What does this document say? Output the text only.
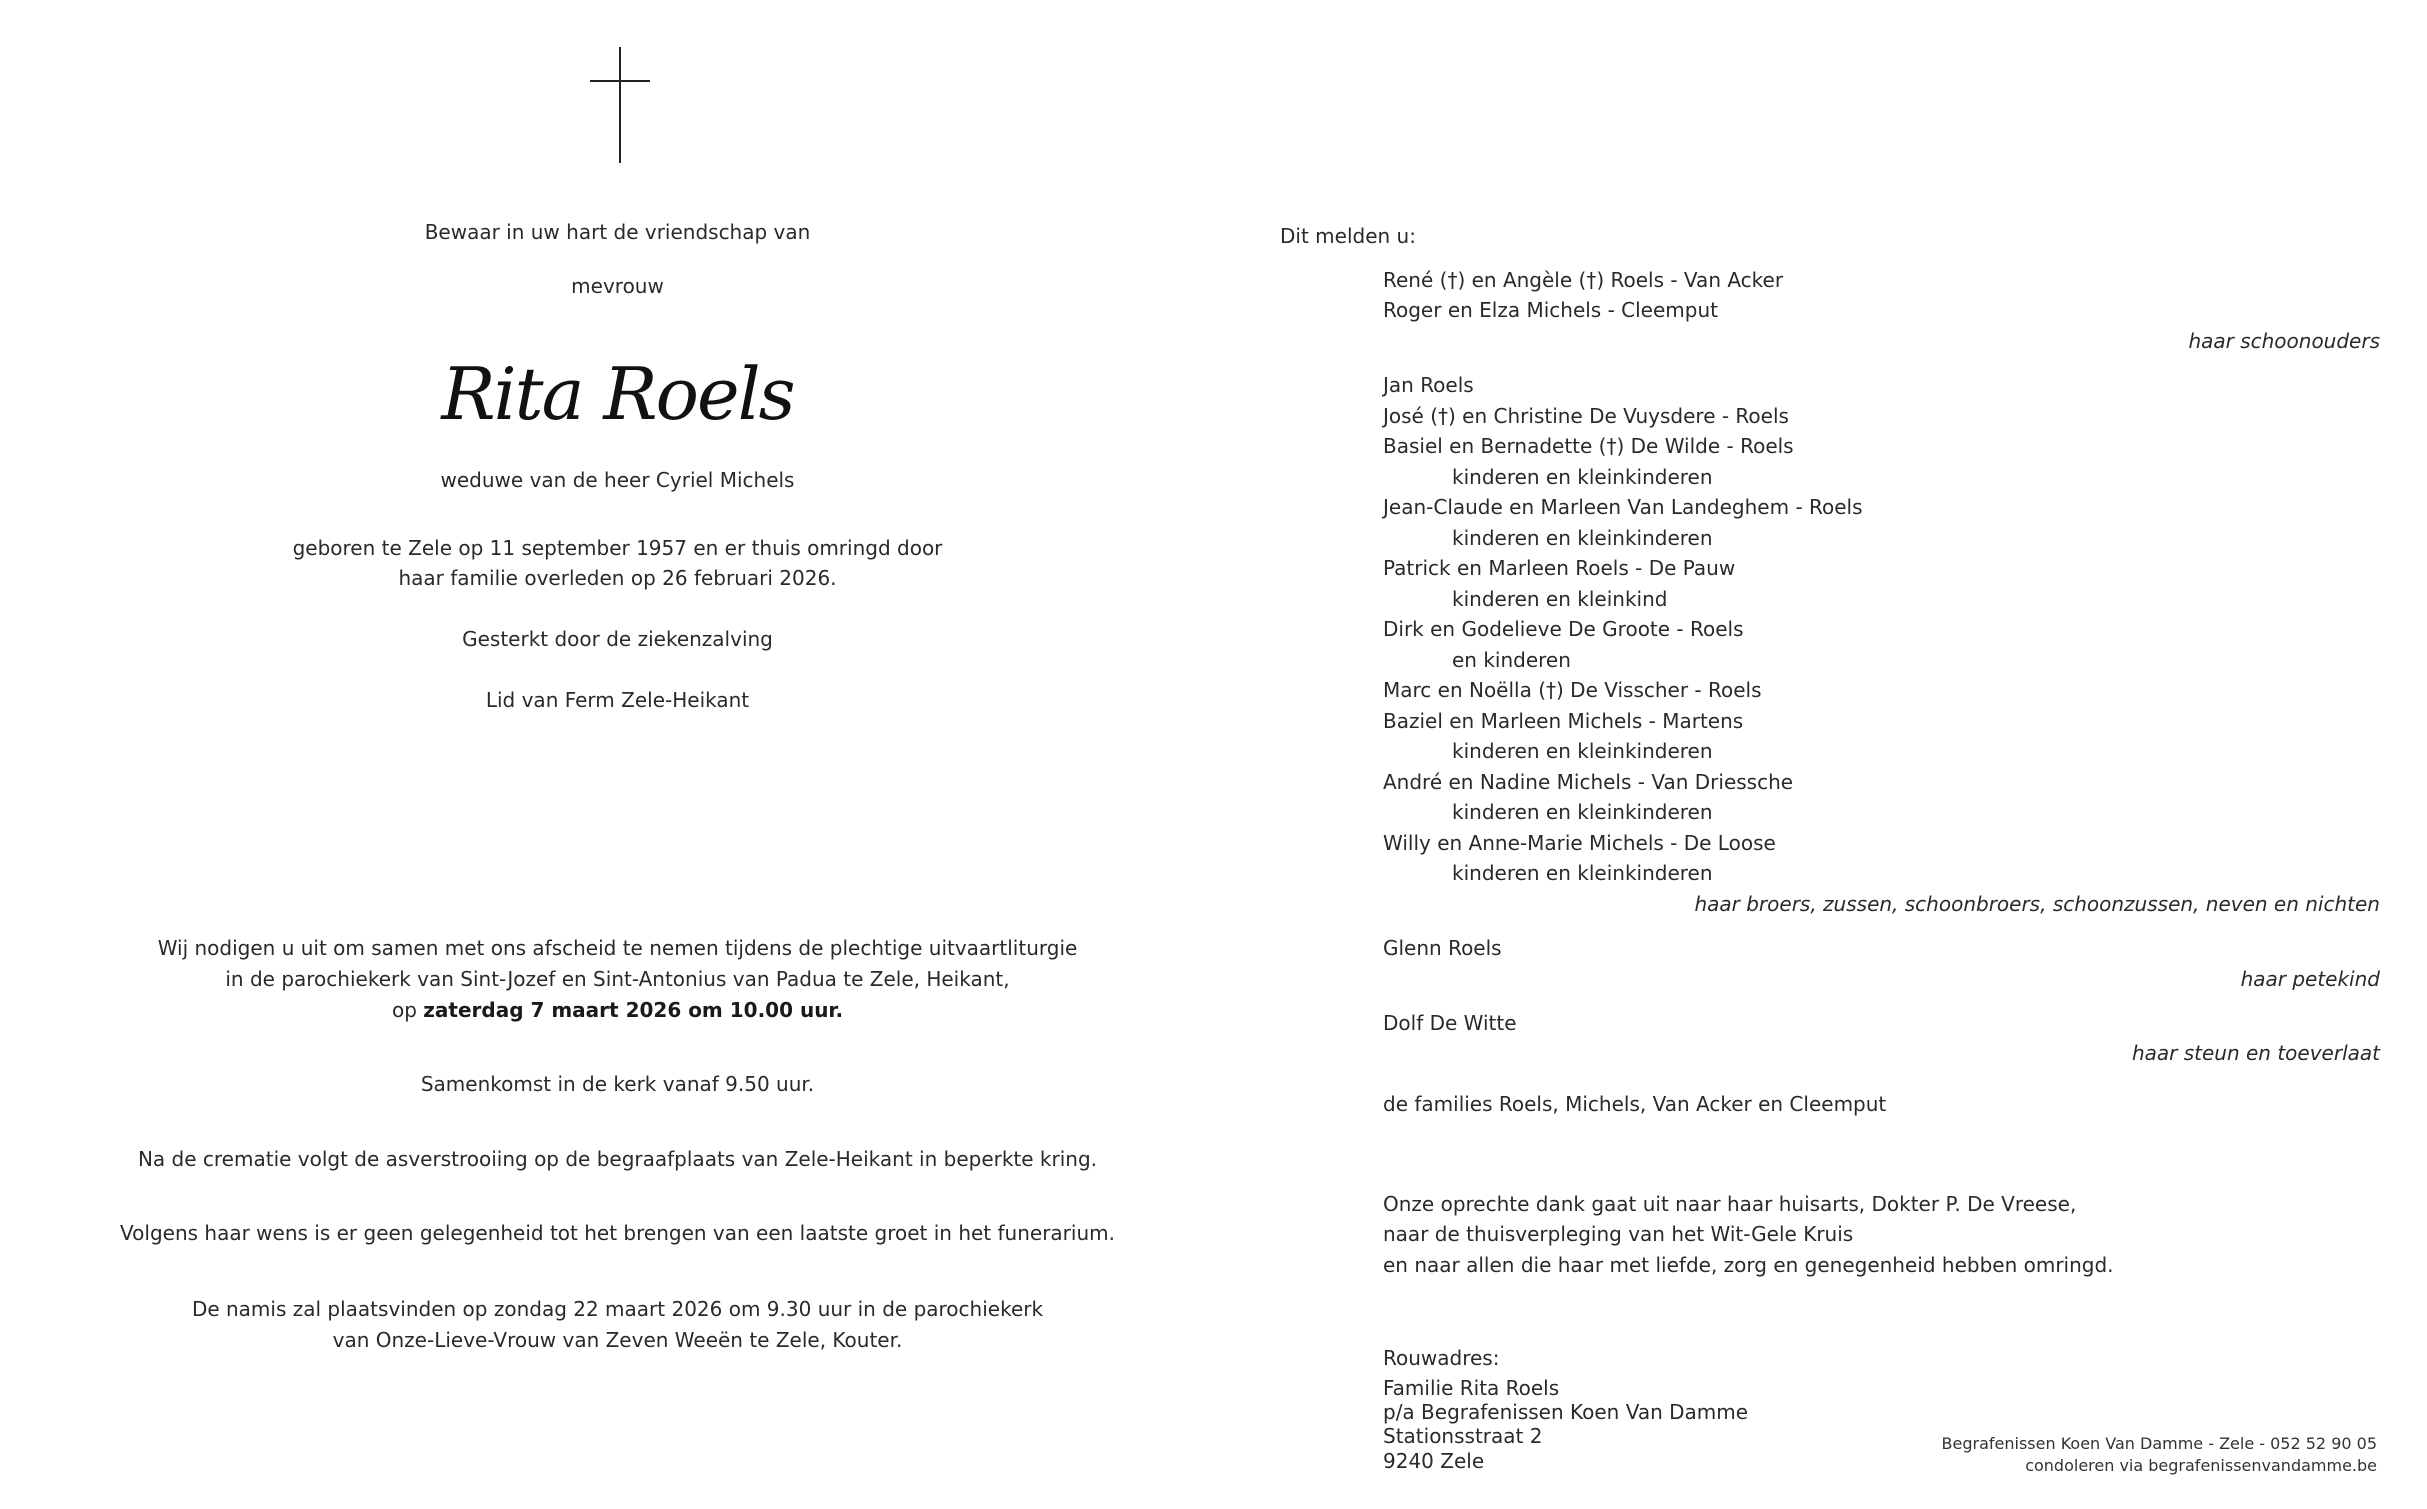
Bewaar in uw hart de vriendschap van
mevrouw
Rita Roels
weduwe van de heer Cyriel Michels
geboren te Zele op 11 september 1957 en er thuis omringd door
haar familie overleden op 26 februari 2026.
Gesterkt door de ziekenzalving
Lid van Ferm Zele-Heikant
Wij nodigen u uit om samen met ons afscheid te nemen tijdens de plechtige uitvaartliturgie
in de parochiekerk van Sint-Jozef en Sint-Antonius van Padua te Zele, Heikant,
op zaterdag 7 maart 2026 om 10.00 uur.
Samenkomst in de kerk vanaf 9.50 uur.
Na de crematie volgt de asverstrooiing op de begraafplaats van Zele-Heikant in beperkte kring.
Volgens haar wens is er geen gelegenheid tot het brengen van een laatste groet in het funerarium.
De namis zal plaatsvinden op zondag 22 maart 2026 om 9.30 uur in de parochiekerk
van Onze-Lieve-Vrouw van Zeven Weeën te Zele, Kouter.
Dit melden u:
René (†) en Angèle (†) Roels - Van Acker
Roger en Elza Michels - Cleemput
haar schoonouders
Jan Roels
José (†) en Christine De Vuysdere - Roels
Basiel en Bernadette (†) De Wilde - Roels
kinderen en kleinkinderen
Jean-Claude en Marleen Van Landeghem - Roels
kinderen en kleinkinderen
Patrick en Marleen Roels - De Pauw
kinderen en kleinkind
Dirk en Godelieve De Groote - Roels
en kinderen
Marc en Noëlla (†) De Visscher - Roels
Baziel en Marleen Michels - Martens
kinderen en kleinkinderen
André en Nadine Michels - Van Driessche
kinderen en kleinkinderen
Willy en Anne-Marie Michels - De Loose
kinderen en kleinkinderen
haar broers, zussen, schoonbroers, schoonzussen, neven en nichten
Glenn Roels
haar petekind
Dolf De Witte
haar steun en toeverlaat
de families Roels, Michels, Van Acker en Cleemput
Onze oprechte dank gaat uit naar haar huisarts, Dokter P. De Vreese,
naar de thuisverpleging van het Wit-Gele Kruis
en naar allen die haar met liefde, zorg en genegenheid hebben omringd.
Rouwadres:
Familie Rita Roels
p/a Begrafenissen Koen Van Damme
Stationsstraat 2
9240 Zele
Begrafenissen Koen Van Damme - Zele - 052 52 90 05
condoleren via begrafenissenvandamme.be
